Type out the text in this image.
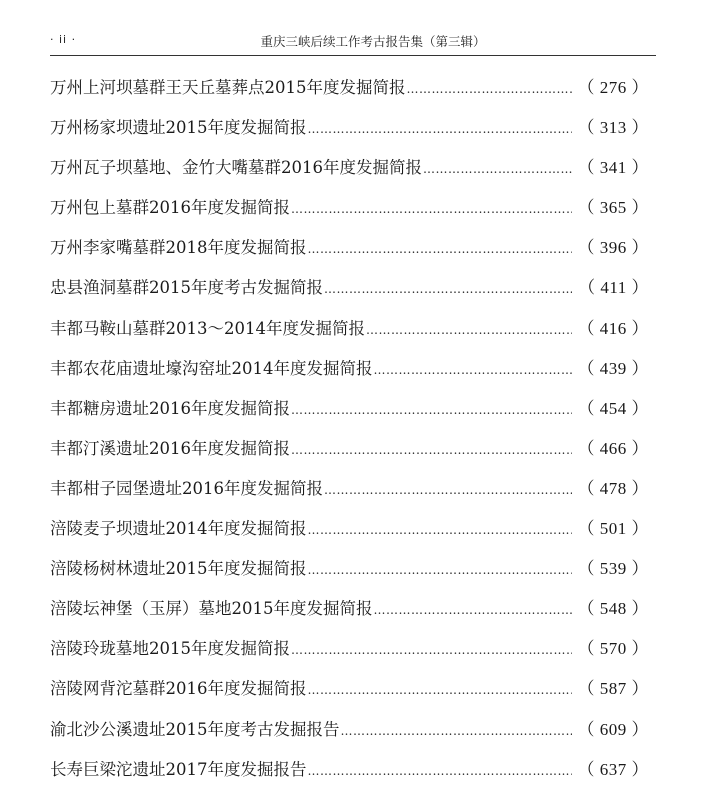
· ii ·	重庆三峡后续工作考古报告集（第三辑）
万州上河坝墓群王天丘墓葬点2015年度发掘简报 ……………………………………………………………………………………………………………………………………………………………	（ 276 ）
万州杨家坝遗址2015年度发掘简报 ……………………………………………………………………………………………………………………………………………………………	（ 313 ）
万州瓦子坝墓地、金竹大嘴墓群2016年度发掘简报 ……………………………………………………………………………………………………………………………………………………………	（ 341 ）
万州包上墓群2016年度发掘简报 ……………………………………………………………………………………………………………………………………………………………	（ 365 ）
万州李家嘴墓群2018年度发掘简报 ……………………………………………………………………………………………………………………………………………………………	（ 396 ）
忠县渔洞墓群2015年度考古发掘简报 ……………………………………………………………………………………………………………………………………………………………	（ 411 ）
丰都马鞍山墓群2013～2014年度发掘简报 ……………………………………………………………………………………………………………………………………………………………	（ 416 ）
丰都农花庙遗址壕沟窑址2014年度发掘简报 ……………………………………………………………………………………………………………………………………………………………	（ 439 ）
丰都糖房遗址2016年度发掘简报 ……………………………………………………………………………………………………………………………………………………………	（ 454 ）
丰都汀溪遗址2016年度发掘简报 ……………………………………………………………………………………………………………………………………………………………	（ 466 ）
丰都柑子园堡遗址2016年度发掘简报 ……………………………………………………………………………………………………………………………………………………………	（ 478 ）
涪陵麦子坝遗址2014年度发掘简报 ……………………………………………………………………………………………………………………………………………………………	（ 501 ）
涪陵杨树林遗址2015年度发掘简报 ……………………………………………………………………………………………………………………………………………………………	（ 539 ）
涪陵坛神堡（玉屏）墓地2015年度发掘简报 ……………………………………………………………………………………………………………………………………………………………	（ 548 ）
涪陵玲珑墓地2015年度发掘简报 ……………………………………………………………………………………………………………………………………………………………	（ 570 ）
涪陵网背沱墓群2016年度发掘简报 ……………………………………………………………………………………………………………………………………………………………	（ 587 ）
渝北沙公溪遗址2015年度考古发掘报告 ……………………………………………………………………………………………………………………………………………………………	（ 609 ）
长寿巨梁沱遗址2017年度发掘报告 ……………………………………………………………………………………………………………………………………………………………	（ 637 ）
